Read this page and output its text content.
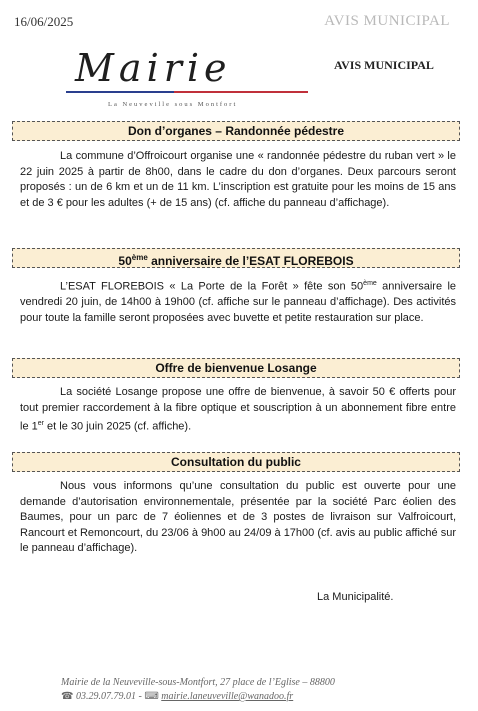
16/06/2025	AVIS MUNICIPAL
Mairie
La Neuveville sous Montfort
AVIS MUNICIPAL
Don d’organes – Randonnée pédestre
La commune d’Offroicourt organise une « randonnée pédestre du ruban vert » le 22 juin 2025 à partir de 8h00, dans le cadre du don d’organes. Deux parcours seront proposés : un de 6 km et un de 11 km. L’inscription est gratuite pour les moins de 15 ans et de 3 € pour les adultes (+ de 15 ans) (cf. affiche du panneau d’affichage).
50ème anniversaire de l’ESAT FLOREBOIS
L’ESAT FLOREBOIS « La Porte de la Forêt » fête son 50ème anniversaire le vendredi 20 juin, de 14h00 à 19h00 (cf. affiche sur le panneau d’affichage). Des activités pour toute la famille seront proposées avec buvette et petite restauration sur place.
Offre de bienvenue Losange
La société Losange propose une offre de bienvenue, à savoir 50 € offerts pour tout premier raccordement à la fibre optique et souscription à un abonnement fibre entre le 1er et le 30 juin 2025 (cf. affiche).
Consultation du public
Nous vous informons qu’une consultation du public est ouverte pour une demande d’autorisation environnementale, présentée par la société Parc éolien des Baumes, pour un parc de 7 éoliennes et de 3 postes de livraison sur Valfroicourt, Rancourt et Remoncourt, du 23/06 à 9h00 au 24/09 à 17h00 (cf. avis au public affiché sur le panneau d’affichage).
La Municipalité.
Mairie de la Neuveville-sous-Montfort, 27 place de l’Eglise – 88800
☎ 03.29.07.79.01 - ⌨ mairie.laneuveville@wanadoo.fr
